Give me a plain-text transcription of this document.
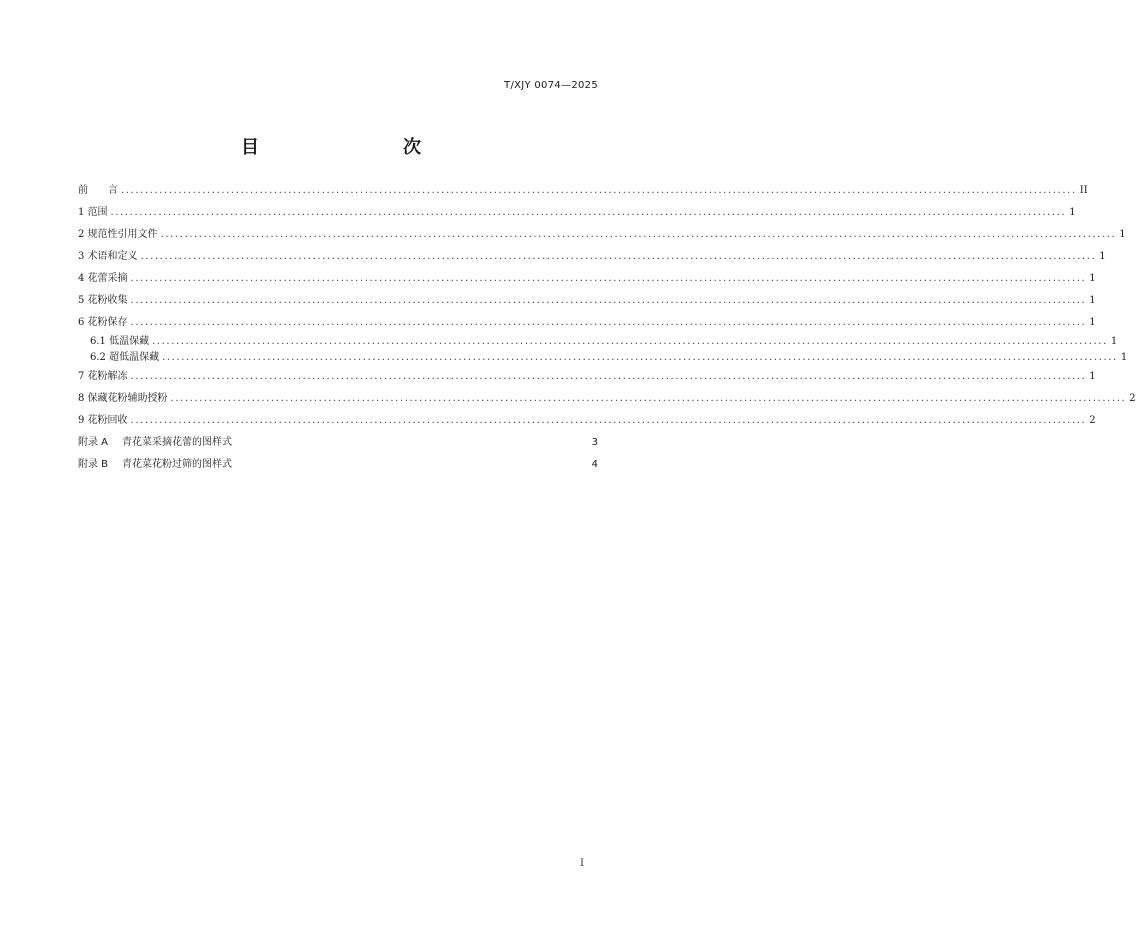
T/XJY 0074—2025
目　　次
前　　言 ........................................................................................................................................................................................................ II
1 范围 ........................................................................................................................................................................................................ 1
2 规范性引用文件 ........................................................................................................................................................................................................ 1
3 术语和定义 ........................................................................................................................................................................................................ 1
4 花蕾采摘 ........................................................................................................................................................................................................ 1
5 花粉收集 ........................................................................................................................................................................................................ 1
6 花粉保存 ........................................................................................................................................................................................................ 1
6.1 低温保藏 ........................................................................................................................................................................................................ 1
6.2 超低温保藏 ........................................................................................................................................................................................................ 1
7 花粉解冻 ........................................................................................................................................................................................................ 1
8 保藏花粉辅助授粉 ........................................................................................................................................................................................................ 2
9 花粉回收 ........................................................................................................................................................................................................ 2
附录 A 青花菜采摘花蕾的图样式	3
附录 B 青花菜花粉过筛的图样式	4
I
